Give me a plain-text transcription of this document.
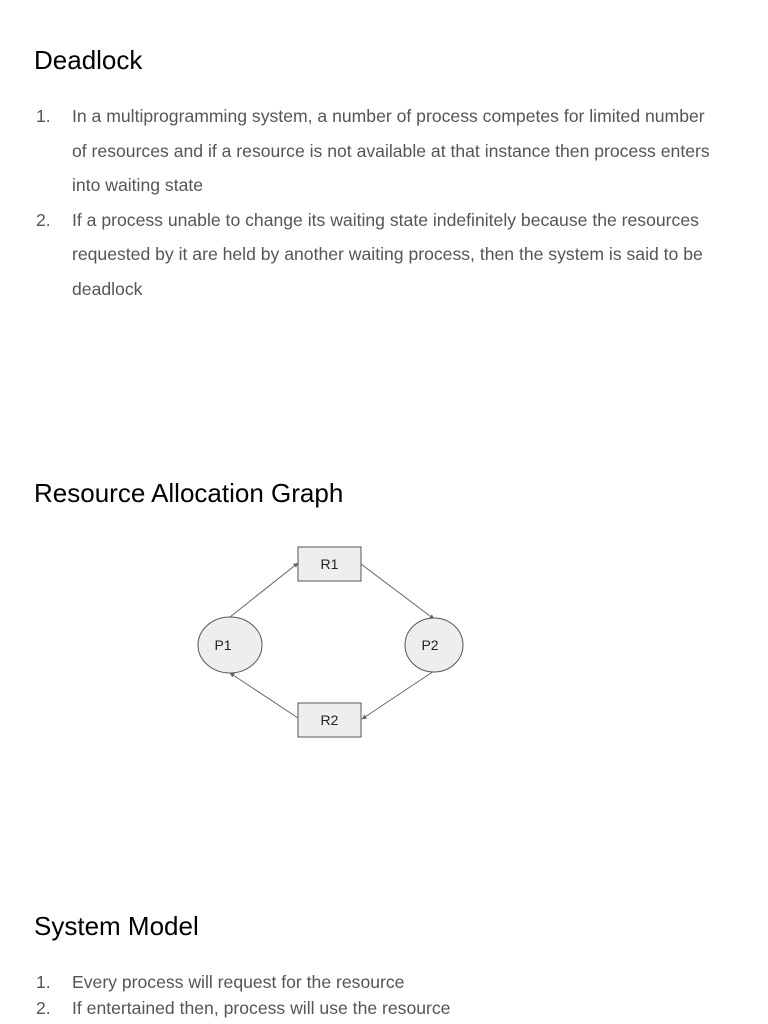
Deadlock
1. In a multiprogramming system, a number of process competes for limited number of resources and if a resource is not available at that instance then process enters into waiting state
2. If a process unable to change its waiting state indefinitely because the resources requested by it are held by another waiting process, then the system is said to be deadlock
Resource Allocation Graph
R1
R2
P1	P2
System Model
1. Every process will request for the resource
2. If entertained then, process will use the resource
